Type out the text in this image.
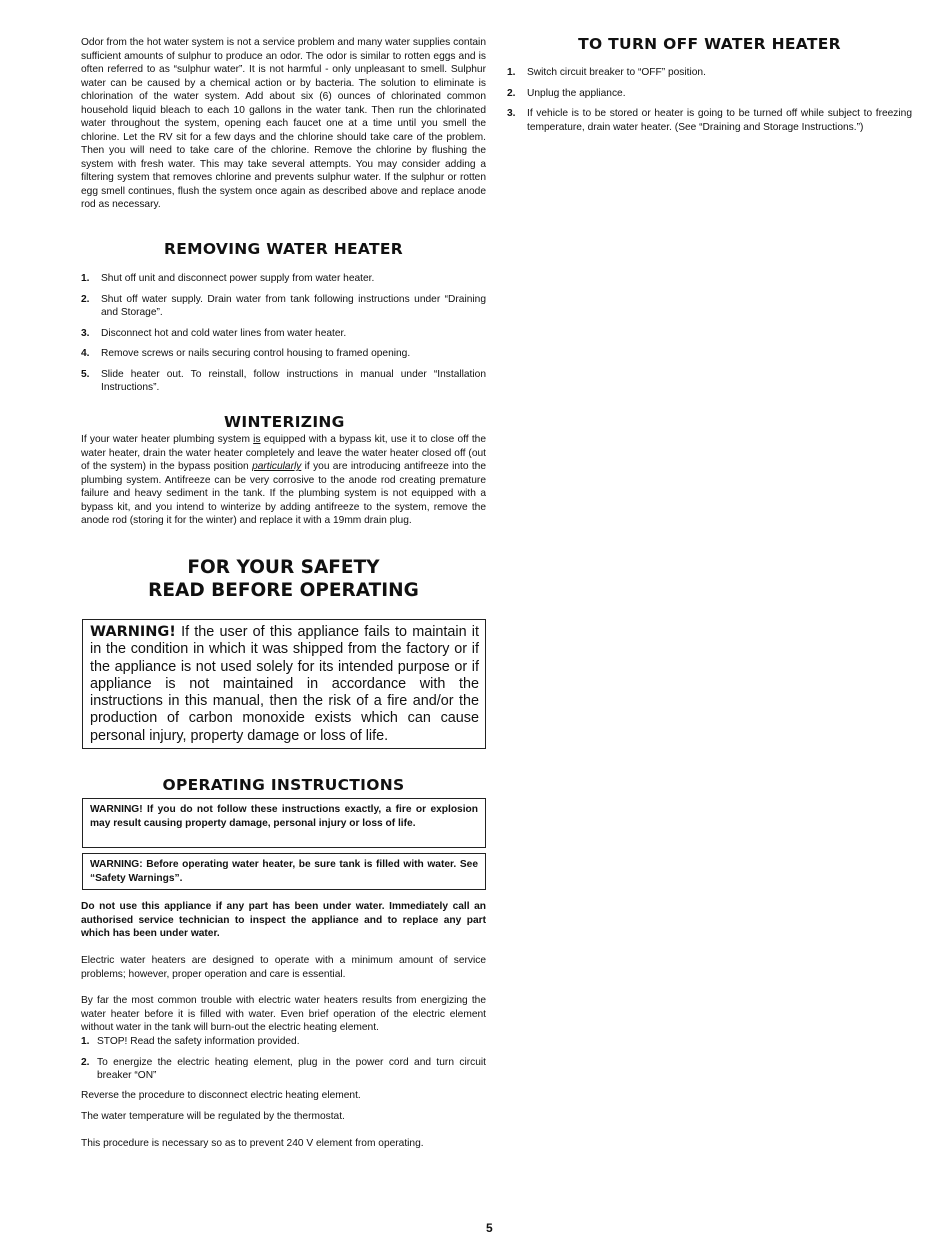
Odor from the hot water system is not a service problem and many water supplies contain sufficient amounts of sulphur to produce an odor. The odor is similar to rotten eggs and is often referred to as “sulphur water”. It is not harmful - only unpleasant to smell. Sulphur water can be caused by a chemical action or by bacteria. The solution to eliminate is chlorination of the water system. Add about six (6) ounces of chlorinated common household liquid bleach to each 10 gallons in the water tank. Then run the chlorinated water throughout the system, opening each faucet one at a time until you smell the chlorine. Let the RV sit for a few days and the chlorine should take care of the problem. Then you will need to take care of the chlorine. Remove the chlorine by flushing the system with fresh water. This may take several attempts. You may consider adding a filtering system that removes chlorine and prevents sulphur water. If the sulphur or rotten egg smell continues, flush the system once again as described above and replace anode rod as necessary.

REMOVING WATER HEATER
1. Shut off unit and disconnect power supply from water heater.
2. Shut off water supply. Drain water from tank following instructions under “Draining and Storage”.
3. Disconnect hot and cold water lines from water heater.
4. Remove screws or nails securing control housing to framed opening.
5. Slide heater out. To reinstall, follow instructions in manual under “Installation Instructions”.
WINTERIZING

If your water heater plumbing system is equipped with a bypass kit, use it to close off the water heater, drain the water heater completely and leave the water heater closed off (out of the system) in the bypass position particularly if you are introducing antifreeze into the plumbing system. Antifreeze can be very corrosive to the anode rod creating premature failure and heavy sediment in the tank. If the plumbing system is not equipped with a bypass kit, and you intend to winterize by adding antifreeze to the system, remove the anode rod (storing it for the winter) and replace it with a 19mm drain plug.

FOR YOUR SAFETY
READ BEFORE OPERATING
WARNING! If the user of this appliance fails to maintain it in the condition in which it was shipped from the factory or if the appliance is not used solely for its intended purpose or if appliance is not maintained in accordance with the instructions in this manual, then the risk of a fire and/or the production of carbon monoxide exists which can cause personal injury, property damage or loss of life.
OPERATING INSTRUCTIONS
WARNING! If you do not follow these instructions exactly, a fire or explosion may result causing property damage, personal injury or loss of life.
WARNING: Before operating water heater, be sure tank is filled with water. See “Safety Warnings”.

Do not use this appliance if any part has been under water. Immediately call an authorised service technician to inspect the appliance and to replace any part which has been under water.

Electric water heaters are designed to operate with a minimum amount of service problems; however, proper operation and care is essential.

By far the most common trouble with electric water heaters results from energizing the water heater before it is filled with water. Even brief operation of the electric element without water in the tank will burn-out the electric heating element.

1. STOP! Read the safety information provided.
2. To energize the electric heating element, plug in the power cord and turn circuit breaker “ON”

Reverse the procedure to disconnect electric heating element.

The water temperature will be regulated by the thermostat.

This procedure is necessary so as to prevent 240 V element from operating.

TO TURN OFF WATER HEATER
1. Switch circuit breaker to “OFF” position.
2. Unplug the appliance.
3. If vehicle is to be stored or heater is going to be turned off while subject to freezing temperature, drain water heater. (See “Draining and Storage Instructions.”)
5
